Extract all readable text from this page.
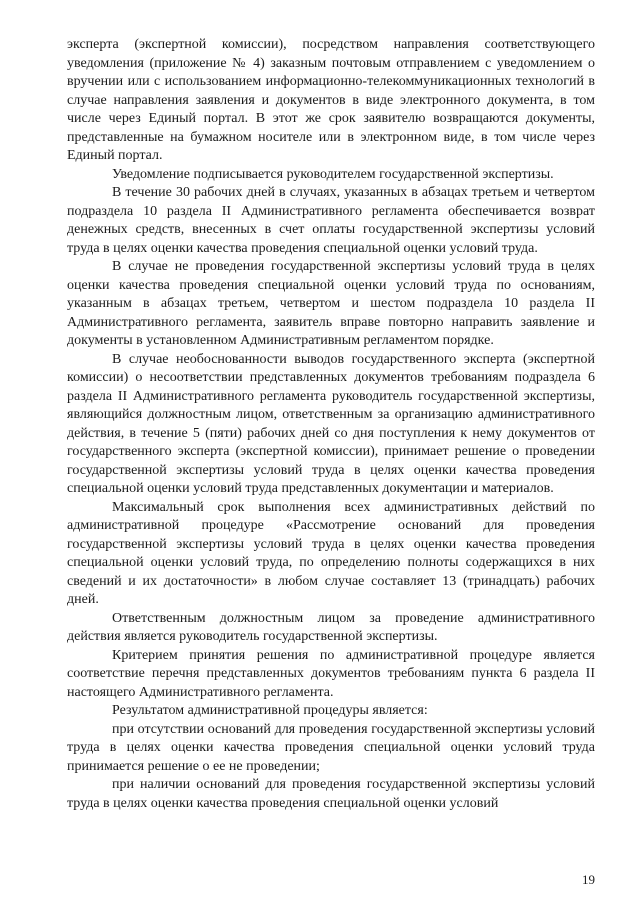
эксперта (экспертной комиссии), посредством направления соответствующего уведомления (приложение № 4) заказным почтовым отправлением с уведомлением о вручении или с использованием информационно-телекоммуникационных технологий в случае направления заявления и документов в виде электронного документа, в том числе через Единый портал. В этот же срок заявителю возвращаются документы, представленные на бумажном носителе или в электронном виде, в том числе через Единый портал.

Уведомление подписывается руководителем государственной экспертизы.

В течение 30 рабочих дней в случаях, указанных в абзацах третьем и четвертом подраздела 10 раздела II Административного регламента обеспечивается возврат денежных средств, внесенных в счет оплаты государственной экспертизы условий труда в целях оценки качества проведения специальной оценки условий труда.

В случае не проведения государственной экспертизы условий труда в целях оценки качества проведения специальной оценки условий труда по основаниям, указанным в абзацах третьем, четвертом и шестом подраздела 10 раздела II Административного регламента, заявитель вправе повторно направить заявление и документы в установленном Административным регламентом порядке.

В случае необоснованности выводов государственного эксперта (экспертной комиссии) о несоответствии представленных документов требованиям подраздела 6 раздела II Административного регламента руководитель государственной экспертизы, являющийся должностным лицом, ответственным за организацию административного действия, в течение 5 (пяти) рабочих дней со дня поступления к нему документов от государственного эксперта (экспертной комиссии), принимает решение о проведении государственной экспертизы условий труда в целях оценки качества проведения специальной оценки условий труда представленных документации и материалов.

Максимальный срок выполнения всех административных действий по административной процедуре «Рассмотрение оснований для проведения государственной экспертизы условий труда в целях оценки качества проведения специальной оценки условий труда, по определению полноты содержащихся в них сведений и их достаточности» в любом случае составляет 13 (тринадцать) рабочих дней.

Ответственным должностным лицом за проведение административного действия является руководитель государственной экспертизы.

Критерием принятия решения по административной процедуре является соответствие перечня представленных документов требованиям пункта 6 раздела II настоящего Административного регламента.

Результатом административной процедуры является:

при отсутствии оснований для проведения государственной экспертизы условий труда в целях оценки качества проведения специальной оценки условий труда принимается решение о ее не проведении;

при наличии оснований для проведения государственной экспертизы условий труда в целях оценки качества проведения специальной оценки условий

19
